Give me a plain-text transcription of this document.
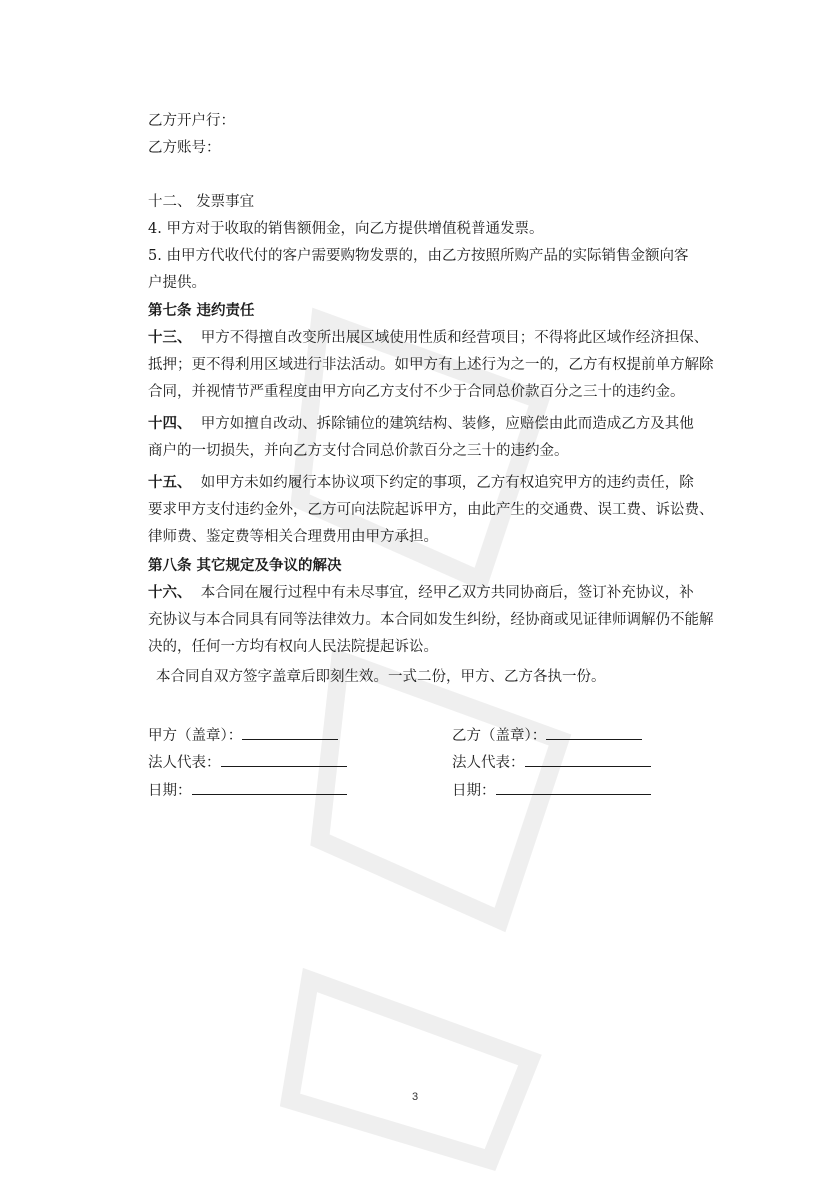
乙方开户行：
乙方账号：
十二、 发票事宜
4. 甲方对于收取的销售额佣金，向乙方提供增值税普通发票。
5. 由甲方代收代付的客户需要购物发票的，由乙方按照所购产品的实际销售金额向客
户提供。
第七条 违约责任
十三、 甲方不得擅自改变所出展区域使用性质和经营项目；不得将此区域作经济担保、
抵押；更不得利用区域进行非法活动。如甲方有上述行为之一的，乙方有权提前单方解除
合同，并视情节严重程度由甲方向乙方支付不少于合同总价款百分之三十的违约金。
十四、 甲方如擅自改动、拆除铺位的建筑结构、装修，应赔偿由此而造成乙方及其他
商户的一切损失，并向乙方支付合同总价款百分之三十的违约金。
十五、 如甲方未如约履行本协议项下约定的事项，乙方有权追究甲方的违约责任，除
要求甲方支付违约金外，乙方可向法院起诉甲方，由此产生的交通费、误工费、诉讼费、
律师费、鉴定费等相关合理费用由甲方承担。
第八条 其它规定及争议的解决
十六、 本合同在履行过程中有未尽事宜，经甲乙双方共同协商后，签订补充协议，补
充协议与本合同具有同等法律效力。本合同如发生纠纷，经协商或见证律师调解仍不能解
决的，任何一方均有权向人民法院提起诉讼。
本合同自双方签字盖章后即刻生效。一式二份，甲方、乙方各执一份。
甲方（盖章）：	乙方（盖章）：
法人代表：	法人代表：
日期：	日期：
3
